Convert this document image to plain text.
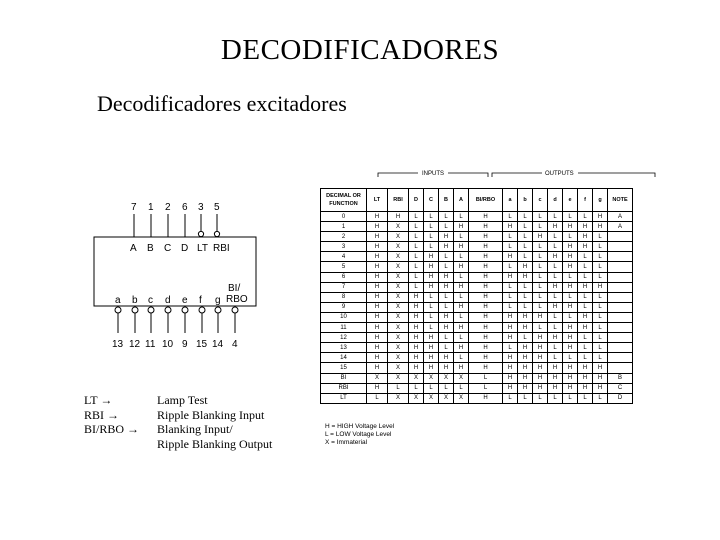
DECODIFICADORES
Decodificadores excitadores
7
A
1
B
2
C
6
D
3
LT
5
RBI
a b c d e f g
13 12 11 10 9 15 14 4
BI/
RBO
LT →	Lamp Test
RBI →	Ripple Blanking Input
BI/RBO →	Blanking Input/
Ripple Blanking Output
INPUTS	OUTPUTS
DECIMAL OR FUNCTION	LT	RBI	D	C	B	A	BI/RBO	a	b	c	d	e	f	g	NOTE
0	H	H	L	L	L	L	H	L	L	L	L	L	L	H	A
1	H	X	L	L	L	H	H	H	L	L	H	H	H	H	A
2	H	X	L	L	H	L	H	L	L	H	L	L	H	L	
3	H	X	L	L	H	H	H	L	L	L	L	H	H	L	
4	H	X	L	H	L	L	H	H	L	L	H	H	L	L	
5	H	X	L	H	L	H	H	L	H	L	L	H	L	L	
6	H	X	L	H	H	L	H	H	H	L	L	L	L	L	
7	H	X	L	H	H	H	H	L	L	L	H	H	H	H	
8	H	X	H	L	L	L	H	L	L	L	L	L	L	L	
9	H	X	H	L	L	H	H	L	L	L	H	H	L	L	
10	H	X	H	L	H	L	H	H	H	H	L	L	H	L	
11	H	X	H	L	H	H	H	H	H	L	L	H	H	L	
12	H	X	H	H	L	L	H	H	L	H	H	H	L	L	
13	H	X	H	H	L	H	H	L	H	H	L	H	L	L	
14	H	X	H	H	H	L	H	H	H	H	L	L	L	L	
15	H	X	H	H	H	H	H	H	H	H	H	H	H	H	
BI	X	X	X	X	X	X	L	H	H	H	H	H	H	H	B
RBI	H	L	L	L	L	L	L	H	H	H	H	H	H	H	C
LT	L	X	X	X	X	X	H	L	L	L	L	L	L	L	D
H = HIGH Voltage Level
L = LOW Voltage Level
X = Immaterial
